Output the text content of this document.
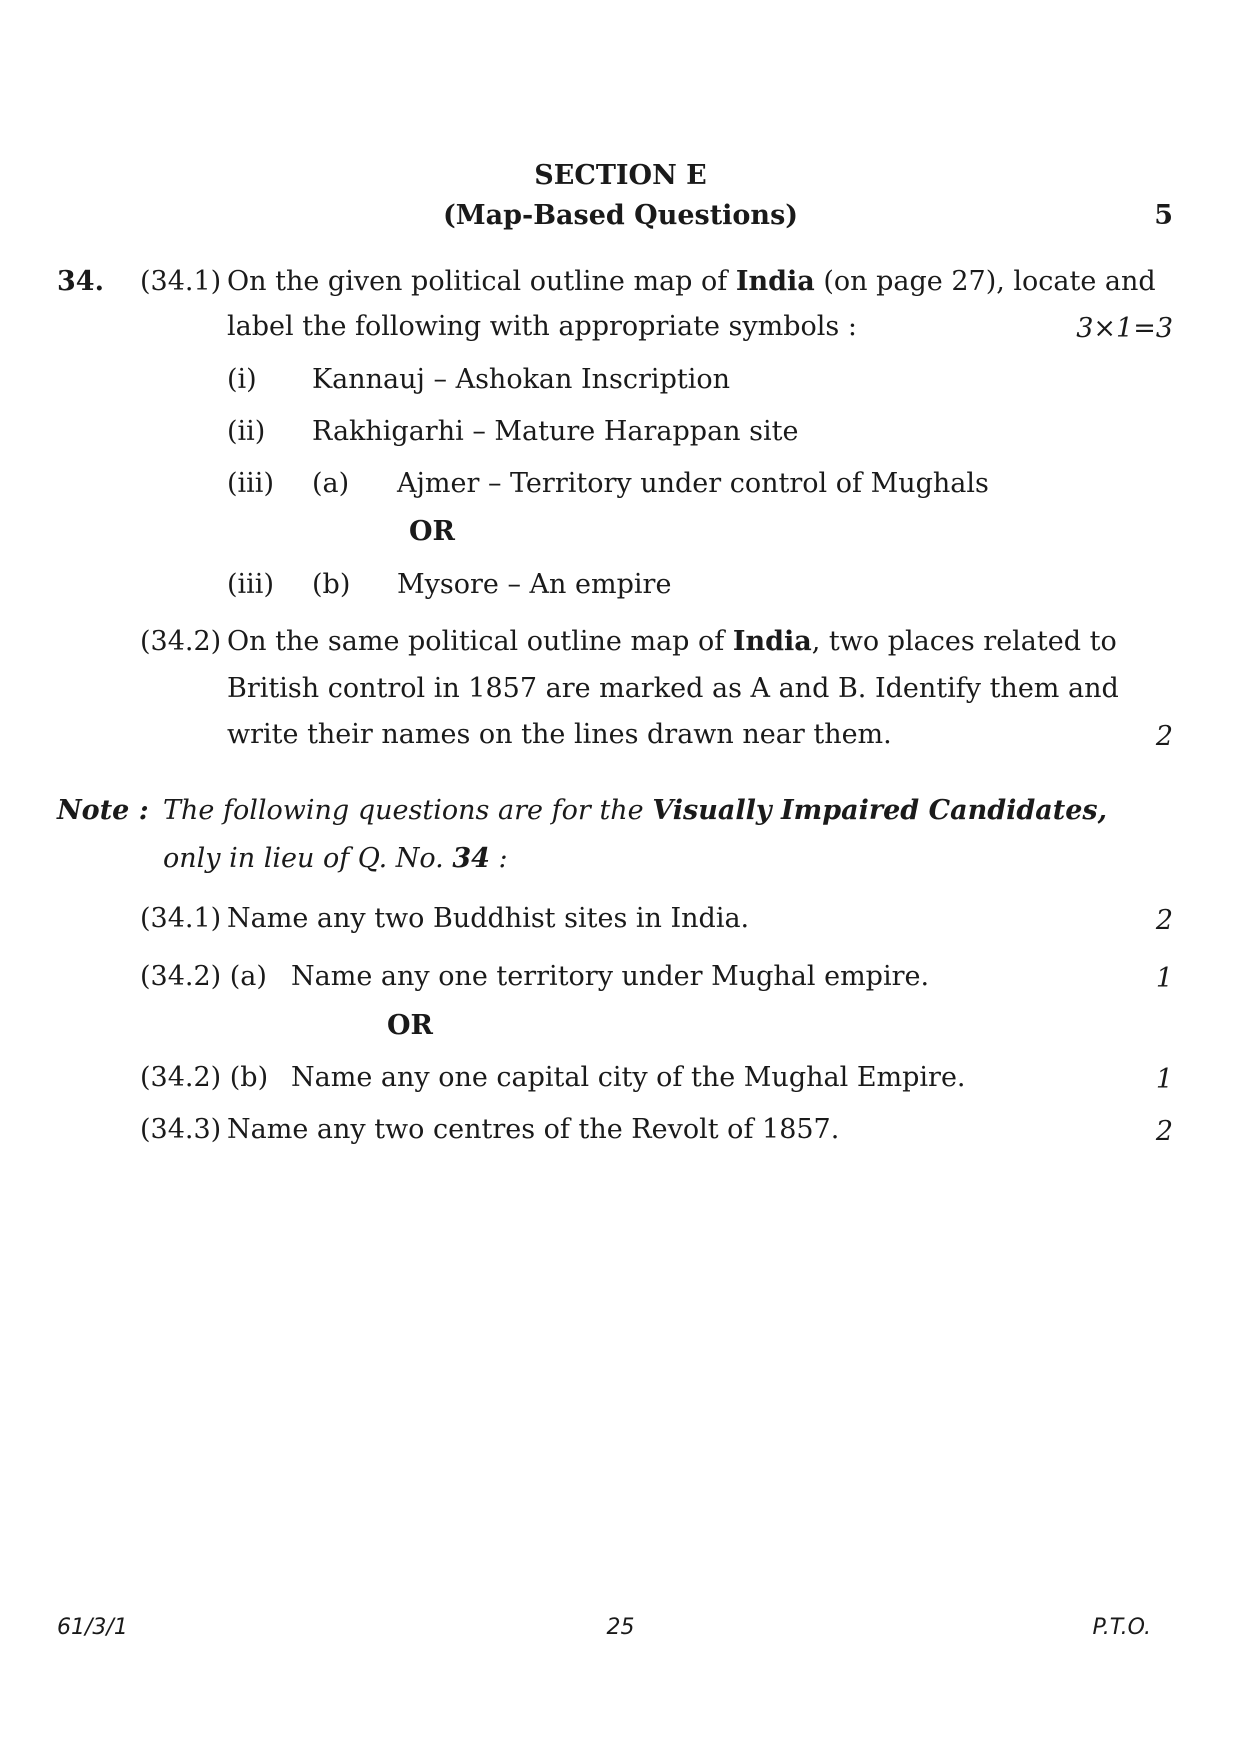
SECTION E
(Map-Based Questions)	5
34. (34.1) On the given political outline map of India (on page 27), locate and
label the following with appropriate symbols :	3×1=3
(i) Kannauj – Ashokan Inscription
(ii) Rakhigarhi – Mature Harappan site
(iii) (a) Ajmer – Territory under control of Mughals
OR
(iii) (b) Mysore – An empire
(34.2) On the same political outline map of India, two places related to
British control in 1857 are marked as A and B. Identify them and
write their names on the lines drawn near them.	2
Note : The following questions are for the Visually Impaired Candidates,
only in lieu of Q. No. 34 :
(34.1) Name any two Buddhist sites in India.	2
(34.2) (a) Name any one territory under Mughal empire.	1
OR
(34.2) (b) Name any one capital city of the Mughal Empire.	1
(34.3) Name any two centres of the Revolt of 1857.	2
61/3/1	25	P.T.O.
